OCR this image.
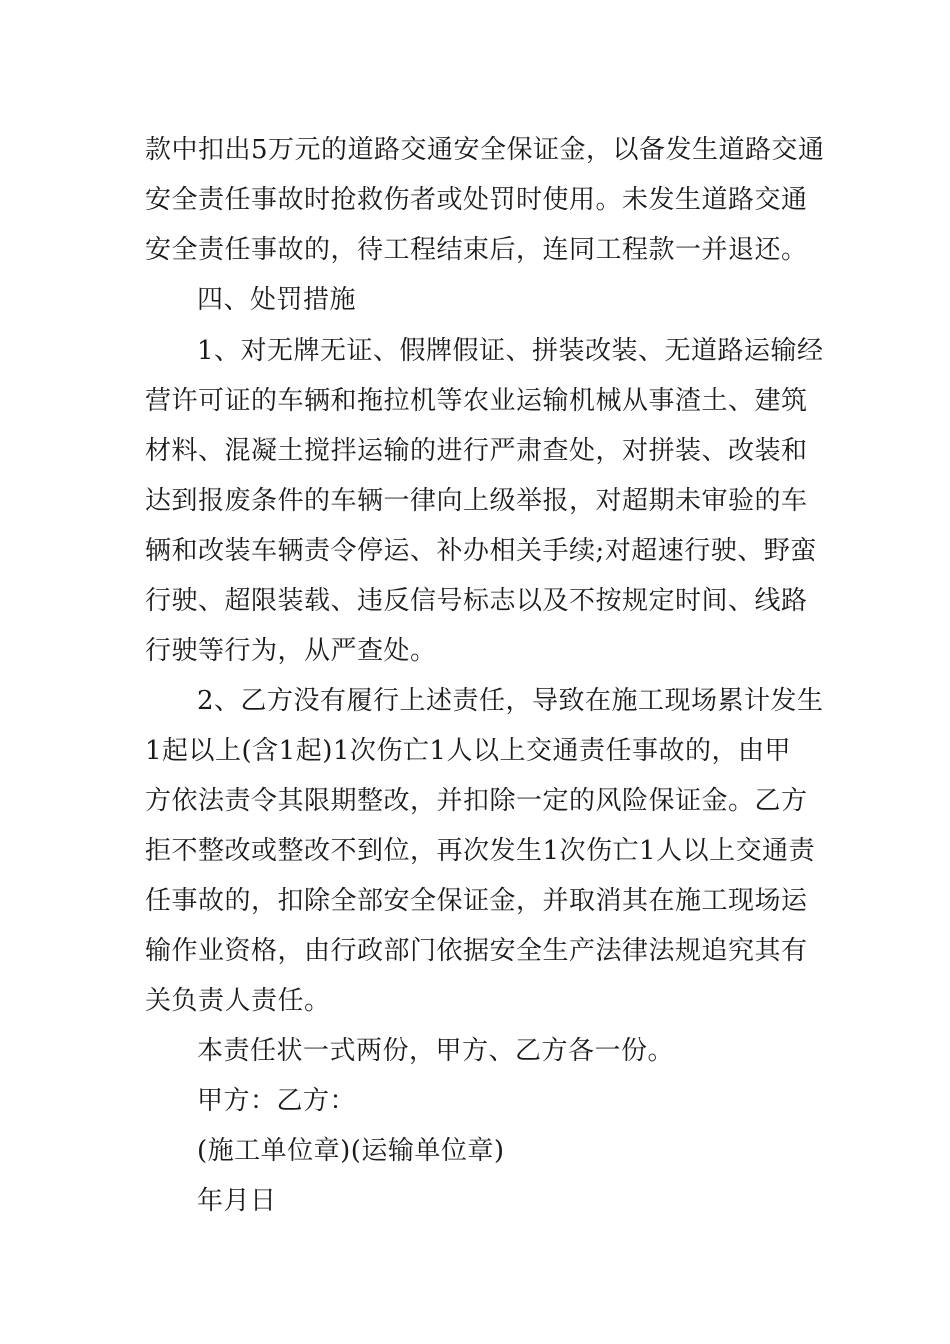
款中扣出5万元的道路交通安全保证金，以备发生道路交通

安全责任事故时抢救伤者或处罚时使用。未发生道路交通

安全责任事故的，待工程结束后，连同工程款一并退还。

四、处罚措施

1、对无牌无证、假牌假证、拼装改装、无道路运输经

营许可证的车辆和拖拉机等农业运输机械从事渣土、建筑

材料、混凝土搅拌运输的进行严肃查处，对拼装、改装和

达到报废条件的车辆一律向上级举报，对超期未审验的车

辆和改装车辆责令停运、补办相关手续;对超速行驶、野蛮

行驶、超限装载、违反信号标志以及不按规定时间、线路

行驶等行为，从严查处。

2、乙方没有履行上述责任，导致在施工现场累计发生

1起以上(含1起)1次伤亡1人以上交通责任事故的，由甲

方依法责令其限期整改，并扣除一定的风险保证金。乙方

拒不整改或整改不到位，再次发生1次伤亡1人以上交通责

任事故的，扣除全部安全保证金，并取消其在施工现场运

输作业资格，由行政部门依据安全生产法律法规追究其有

关负责人责任。

本责任状一式两份，甲方、乙方各一份。

甲方：乙方：

(施工单位章)(运输单位章)

年月日
